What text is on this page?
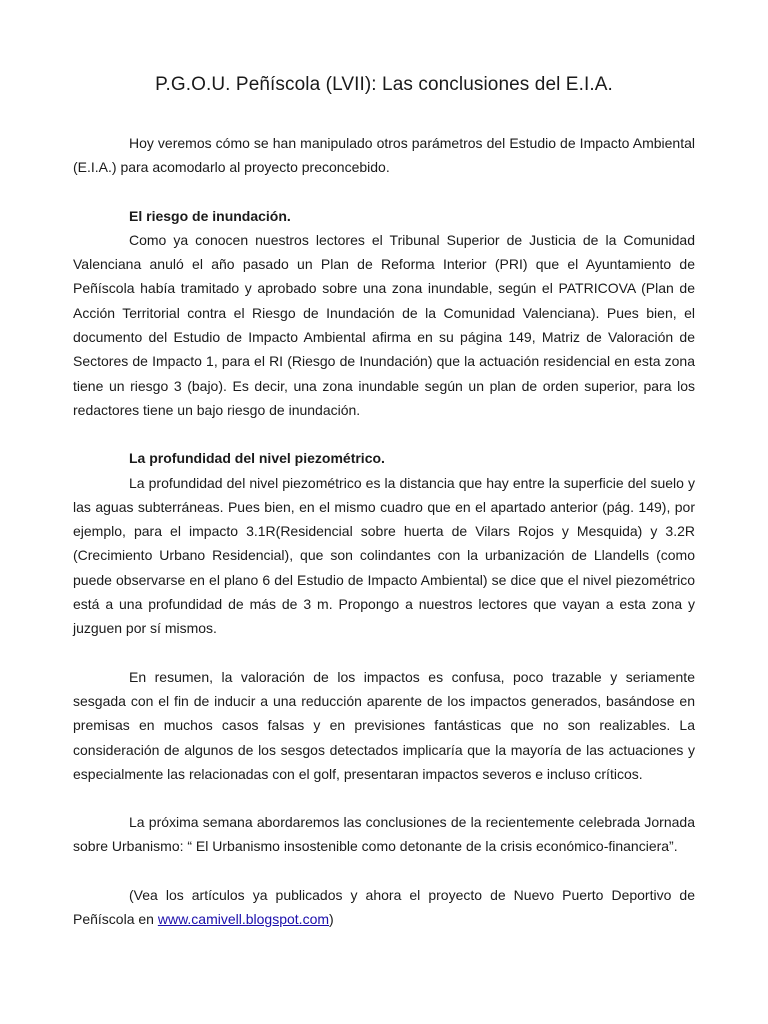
P.G.O.U. Peñíscola (LVII): Las conclusiones del E.I.A.

Hoy veremos cómo se han manipulado otros parámetros del Estudio de Impacto Ambiental (E.I.A.) para acomodarlo al proyecto preconcebido.

El riesgo de inundación.

Como ya conocen nuestros lectores el Tribunal Superior de Justicia de la Comunidad Valenciana anuló el año pasado un Plan de Reforma Interior (PRI) que el Ayuntamiento de Peñíscola había tramitado y aprobado sobre una zona inundable, según el PATRICOVA (Plan de Acción Territorial contra el Riesgo de Inundación de la Comunidad Valenciana). Pues bien, el documento del Estudio de Impacto Ambiental afirma en su página 149, Matriz de Valoración de Sectores de Impacto 1, para el RI (Riesgo de Inundación) que la actuación residencial en esta zona tiene un riesgo 3 (bajo). Es decir, una zona inundable según un plan de orden superior, para los redactores tiene un bajo riesgo de inundación.

La profundidad del nivel piezométrico.

La profundidad del nivel piezométrico es la distancia que hay entre la superficie del suelo y las aguas subterráneas. Pues bien, en el mismo cuadro que en el apartado anterior (pág. 149), por ejemplo, para el impacto 3.1R(Residencial sobre huerta de Vilars Rojos y Mesquida) y 3.2R (Crecimiento Urbano Residencial), que son colindantes con la urbanización de Llandells (como puede observarse en el plano 6 del Estudio de Impacto Ambiental) se dice que el nivel piezométrico está a una profundidad de más de 3 m. Propongo a nuestros lectores que vayan a esta zona y juzguen por sí mismos.

En resumen, la valoración de los impactos es confusa, poco trazable y seriamente sesgada con el fin de inducir a una reducción aparente de los impactos generados, basándose en premisas en muchos casos falsas y en previsiones fantásticas que no son realizables. La consideración de algunos de los sesgos detectados implicaría que la mayoría de las actuaciones y especialmente las relacionadas con el golf, presentaran impactos severos e incluso críticos.

La próxima semana abordaremos las conclusiones de la recientemente celebrada Jornada sobre Urbanismo: “ El Urbanismo insostenible como detonante de la crisis económico-financiera”.

(Vea los artículos ya publicados y ahora el proyecto de Nuevo Puerto Deportivo de Peñíscola en www.camivell.blogspot.com)
